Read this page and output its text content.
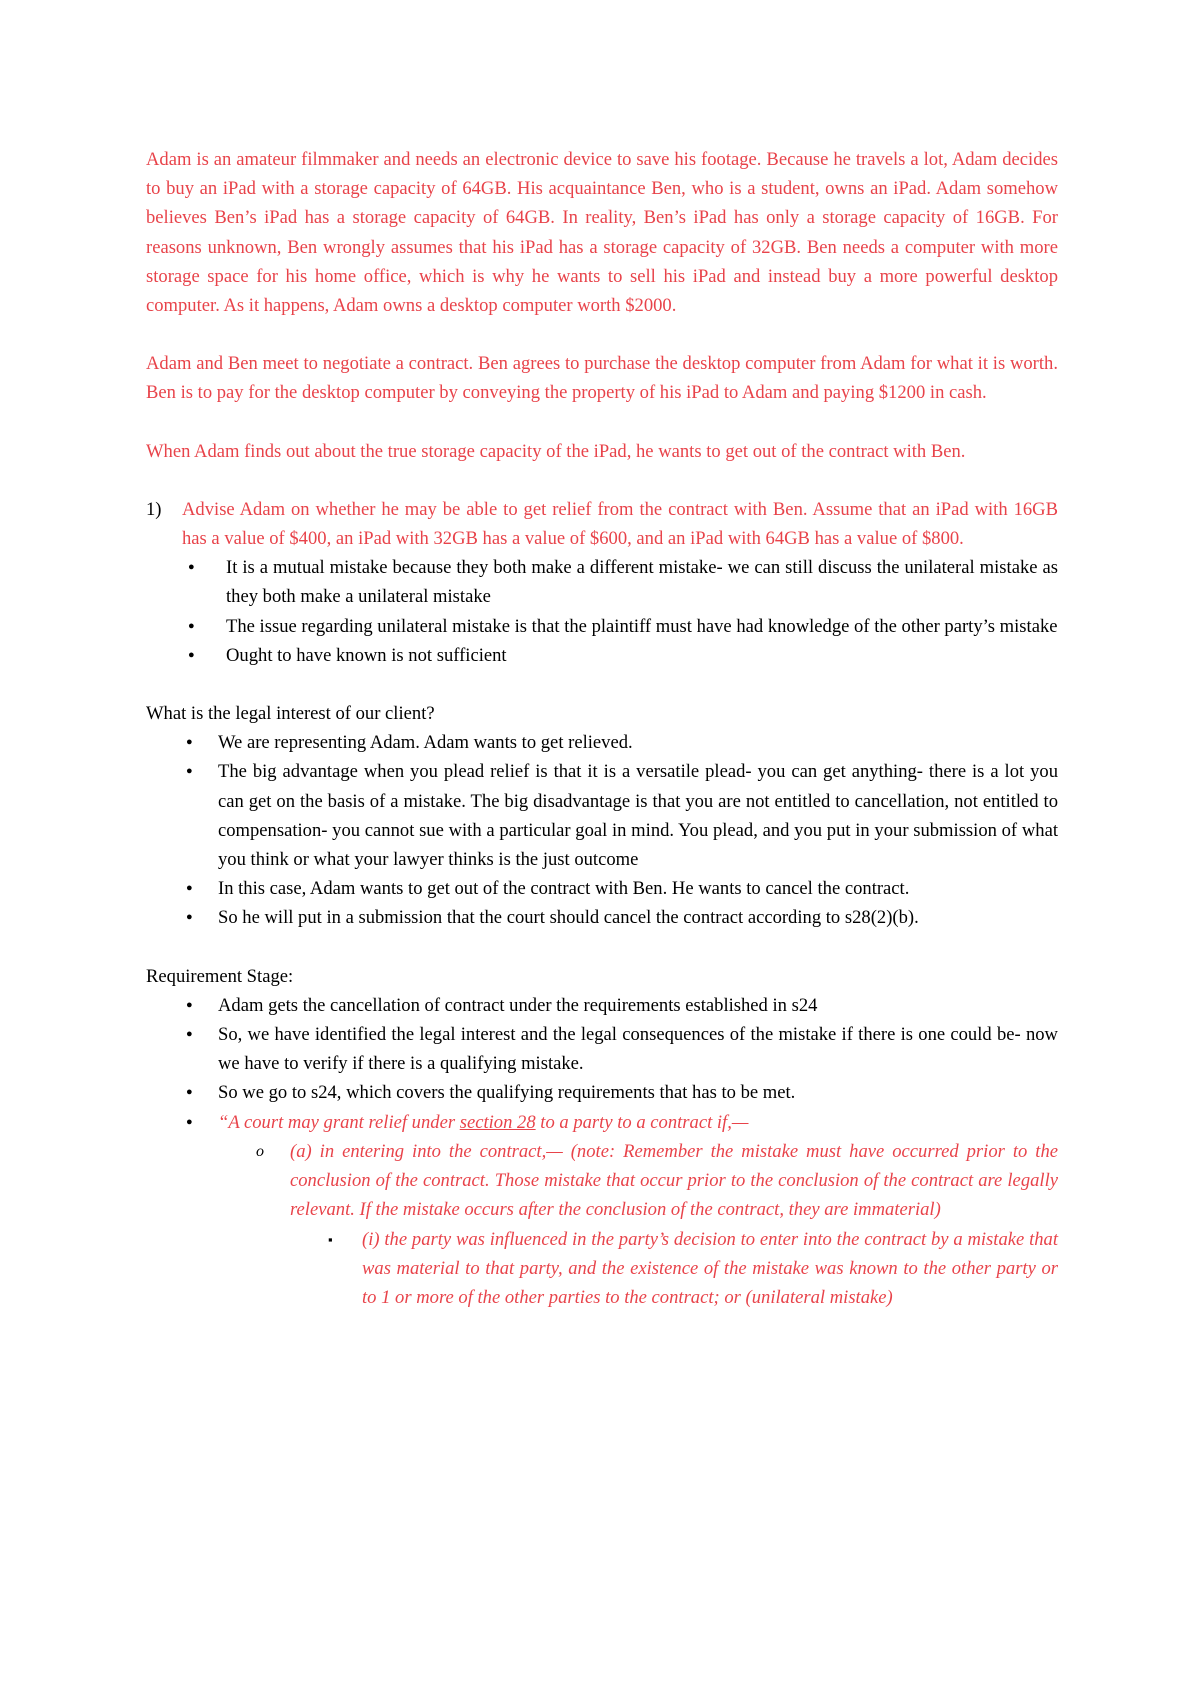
Adam is an amateur filmmaker and needs an electronic device to save his footage. Because he travels a lot, Adam decides to buy an iPad with a storage capacity of 64GB. His acquaintance Ben, who is a student, owns an iPad. Adam somehow believes Ben’s iPad has a storage capacity of 64GB. In reality, Ben’s iPad has only a storage capacity of 16GB. For reasons unknown, Ben wrongly assumes that his iPad has a storage capacity of 32GB. Ben needs a computer with more storage space for his home office, which is why he wants to sell his iPad and instead buy a more powerful desktop computer. As it happens, Adam owns a desktop computer worth $2000.

Adam and Ben meet to negotiate a contract. Ben agrees to purchase the desktop computer from Adam for what it is worth. Ben is to pay for the desktop computer by conveying the property of his iPad to Adam and paying $1200 in cash.

When Adam finds out about the true storage capacity of the iPad, he wants to get out of the contract with Ben.

1)	Advise Adam on whether he may be able to get relief from the contract with Ben. Assume that an iPad with 16GB has a value of $400, an iPad with 32GB has a value of $600, and an iPad with 64GB has a value of $800.
● It is a mutual mistake because they both make a different mistake- we can still discuss the unilateral mistake as they both make a unilateral mistake
● The issue regarding unilateral mistake is that the plaintiff must have had knowledge of the other party’s mistake
● Ought to have known is not sufficient

What is the legal interest of our client?

● We are representing Adam. Adam wants to get relieved.
● The big advantage when you plead relief is that it is a versatile plead- you can get anything- there is a lot you can get on the basis of a mistake. The big disadvantage is that you are not entitled to cancellation, not entitled to compensation- you cannot sue with a particular goal in mind. You plead, and you put in your submission of what you think or what your lawyer thinks is the just outcome
● In this case, Adam wants to get out of the contract with Ben. He wants to cancel the contract.
● So he will put in a submission that the court should cancel the contract according to s28(2)(b).

Requirement Stage:

● Adam gets the cancellation of contract under the requirements established in s24
● So, we have identified the legal interest and the legal consequences of the mistake if there is one could be- now we have to verify if there is a qualifying mistake.
● So we go to s24, which covers the qualifying requirements that has to be met.
● “A court may grant relief under section 28 to a party to a contract if,—
o (a) in entering into the contract,— (note: Remember the mistake must have occurred prior to the conclusion of the contract. Those mistake that occur prior to the conclusion of the contract are legally relevant. If the mistake occurs after the conclusion of the contract, they are immaterial)
▪ (i) the party was influenced in the party’s decision to enter into the contract by a mistake that was material to that party, and the existence of the mistake was known to the other party or to 1 or more of the other parties to the contract; or (unilateral mistake)
